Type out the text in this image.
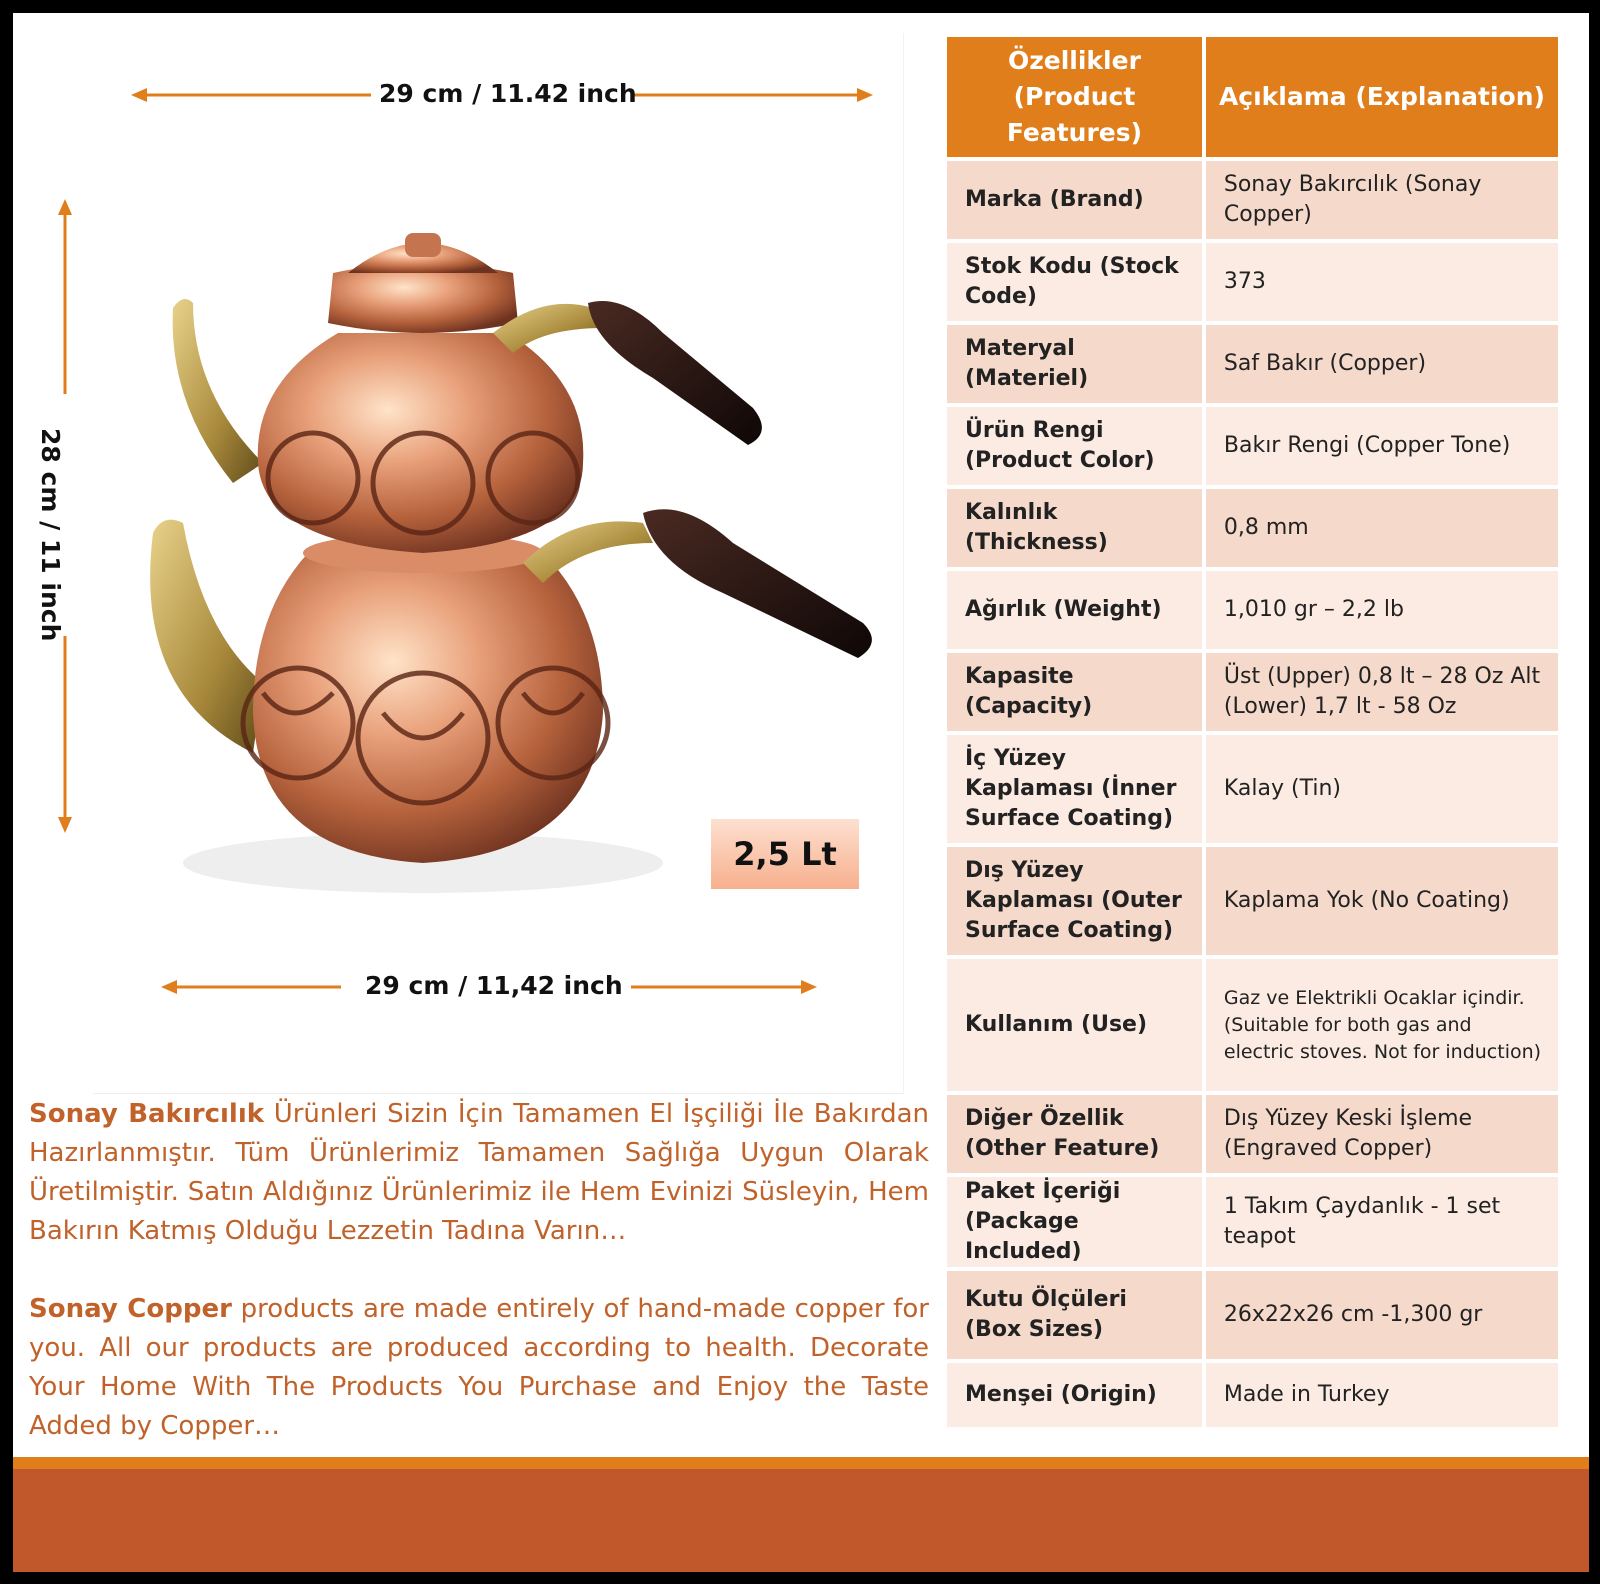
29 cm / 11.42 inch
28 cm / 11 inch
2,5 Lt
29 cm / 11,42 inch

Sonay Bakırcılık Ürünleri Sizin İçin Tamamen El İşçiliği İle Bakırdan Hazırlanmıştır. Tüm Ürünlerimiz Tamamen Sağlığa Uygun Olarak Üretilmiştir. Satın Aldığınız Ürünlerimiz ile Hem Evinizi Süsleyin, Hem Bakırın Katmış Olduğu Lezzetin Tadına Varın…

Sonay Copper products are made entirely of hand-made copper for you. All our products are produced according to health. Decorate Your Home With The Products You Purchase and Enjoy the Taste Added by Copper…

Özellikler (Product Features)	Açıklama (Explanation)
Marka (Brand)	Sonay Bakırcılık (Sonay Copper)
Stok Kodu (Stock Code)	373
Materyal (Materiel)	Saf Bakır (Copper)
Ürün Rengi (Product Color)	Bakır Rengi (Copper Tone)
Kalınlık (Thickness)	0,8 mm
Ağırlık (Weight)	1,010 gr – 2,2 lb
Kapasite (Capacity)	Üst (Upper) 0,8 lt – 28 Oz Alt (Lower) 1,7 lt - 58 Oz
İç Yüzey Kaplaması (İnner Surface Coating)	Kalay (Tin)
Dış Yüzey Kaplaması (Outer Surface Coating)	Kaplama Yok (No Coating)
Kullanım (Use)	Gaz ve Elektrikli Ocaklar içindir. (Suitable for both gas and electric stoves. Not for induction)
Diğer Özellik (Other Feature)	Dış Yüzey Keski İşleme (Engraved Copper)
Paket İçeriği (Package Included)	1 Takım Çaydanlık - 1 set teapot
Kutu Ölçüleri (Box Sizes)	26x22x26 cm -1,300 gr
Menşei (Origin)	Made in Turkey
